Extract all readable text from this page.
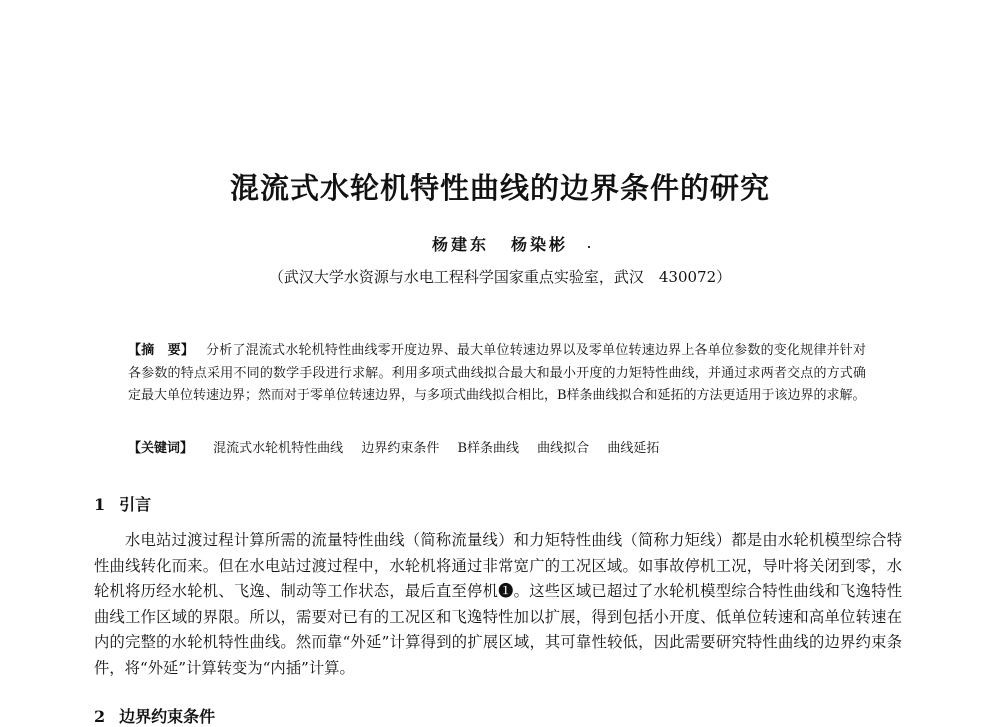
混流式水轮机特性曲线的边界条件的研究
杨建东 杨染彬
（武汉大学水资源与水电工程科学国家重点实验室，武汉　430072）
【摘　要】 分析了混流式水轮机特性曲线零开度边界、最大单位转速边界以及零单位转速边界上各单位参数的变化规律并针对各参数的特点采用不同的数学手段进行求解。利用多项式曲线拟合最大和最小开度的力矩特性曲线，并通过求两者交点的方式确定最大单位转速边界；然而对于零单位转速边界，与多项式曲线拟合相比，B样条曲线拟合和延拓的方法更适用于该边界的求解。
【关键词】 混流式水轮机特性曲线 边界约束条件 B样条曲线 曲线拟合 曲线延拓
1 引言
水电站过渡过程计算所需的流量特性曲线（简称流量线）和力矩特性曲线（简称力矩线）都是由水轮机模型综合特性曲线转化而来。但在水电站过渡过程中，水轮机将通过非常宽广的工况区域。如事故停机工况，导叶将关闭到零，水轮机将历经水轮机、飞逸、制动等工作状态，最后直至停机❶。这些区域已超过了水轮机模型综合特性曲线和飞逸特性曲线工作区域的界限。所以，需要对已有的工况区和飞逸特性加以扩展，得到包括小开度、低单位转速和高单位转速在内的完整的水轮机特性曲线。然而靠“外延”计算得到的扩展区域，其可靠性较低，因此需要研究特性曲线的边界约束条件，将“外延”计算转变为“内插”计算。
2 边界约束条件
